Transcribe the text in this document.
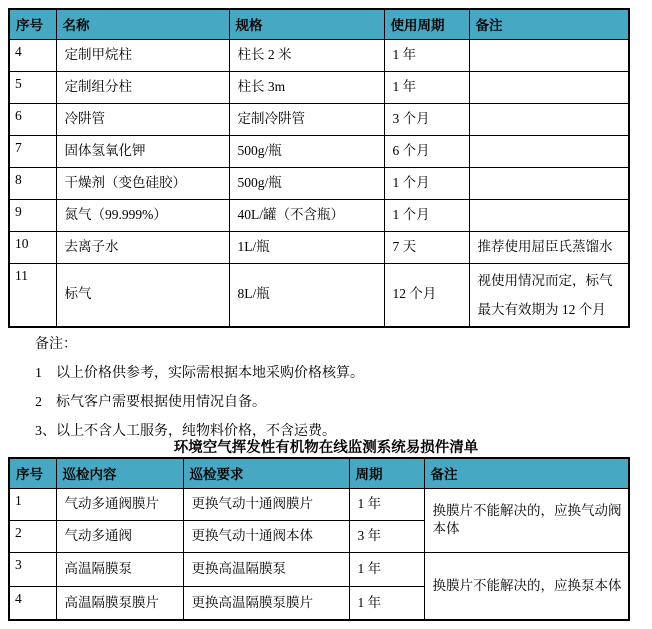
序号	名称	规格	使用周期	备注
4	定制甲烷柱	柱长 2 米	1 年	
5	定制组分柱	柱长 3m	1 年	
6	冷阱管	定制冷阱管	3 个月	
7	固体氢氧化钾	500g/瓶	6 个月	
8	干燥剂（变色硅胶）	500g/瓶	1 个月	
9	氮气（99.999%）	40L/罐（不含瓶）	1 个月	
10	去离子水	1L/瓶	7 天	推荐使用屈臣氏蒸馏水
11	标气	8L/瓶	12 个月	视使用情况而定，标气最大有效期为 12 个月
备注：
1　以上价格供参考，实际需根据本地采购价格核算。
2　标气客户需要根据使用情况自备。
3、以上不含人工服务，纯物料价格，不含运费。
环境空气挥发性有机物在线监测系统易损件清单
序号	巡检内容	巡检要求	周期	备注
1	气动多通阀膜片	更换气动十通阀膜片	1 年	换膜片不能解决的，应换气动阀本体
2	气动多通阀	更换气动十通阀本体	3 年	
3	高温隔膜泵	更换高温隔膜泵	1 年	换膜片不能解决的，应换泵本体
4	高温隔膜泵膜片	更换高温隔膜泵膜片	1 年	
